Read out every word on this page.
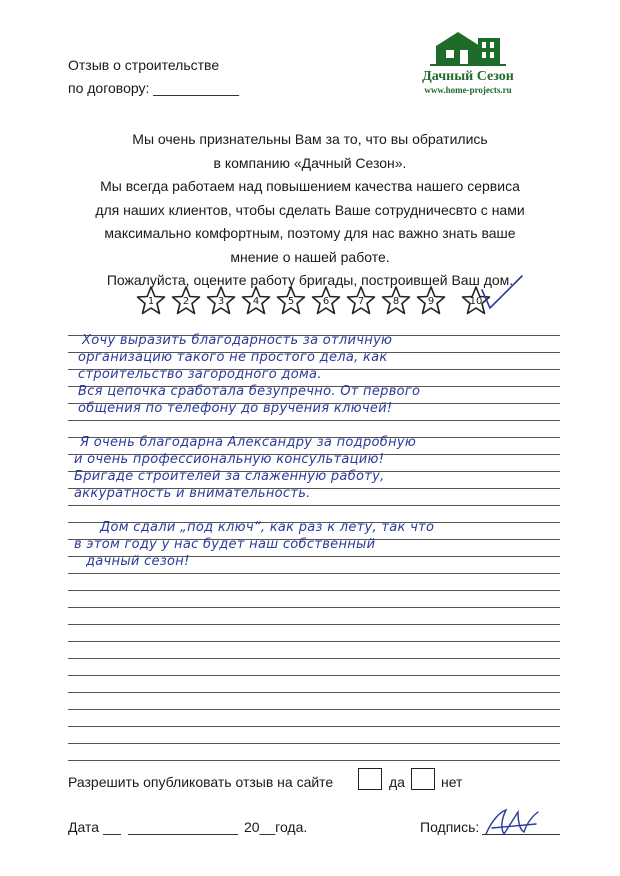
Отзыв о строительстве
по договору: ___________
Дачный Сезон
www.home-projects.ru
Мы очень признательны Вам за то, что вы обратились
в компанию «Дачный Сезон».
Мы всегда работаем над повышением качества нашего сервиса
для наших клиентов, чтобы сделать Ваше сотрудничесвто с нами
максимально комфортным, поэтому для нас важно знать ваше
мнение о нашей работе.
Пожалуйста, оцените работу бригады, построившей Ваш дом.
1	2	3	4	5	6	7	8	9	10
Хочу выразить благодарность за отличную
организацию такого не простого дела, как
строительство загородного дома.
Вся цепочка сработала безупречно. От первого
общения по телефону до вручения ключей!
Я очень благодарна Александру за подробную
и очень профессиональную консультацию!
Бригаде строителей за слаженную работу,
аккуратность и внимательность.
Дом сдали „под ключ“, как раз к лету, так что
в этом году у нас будет наш собственный
дачный сезон!
Разрешить опубликовать отзыв на сайте	да	нет
Дата	20__года.	Подпись:
